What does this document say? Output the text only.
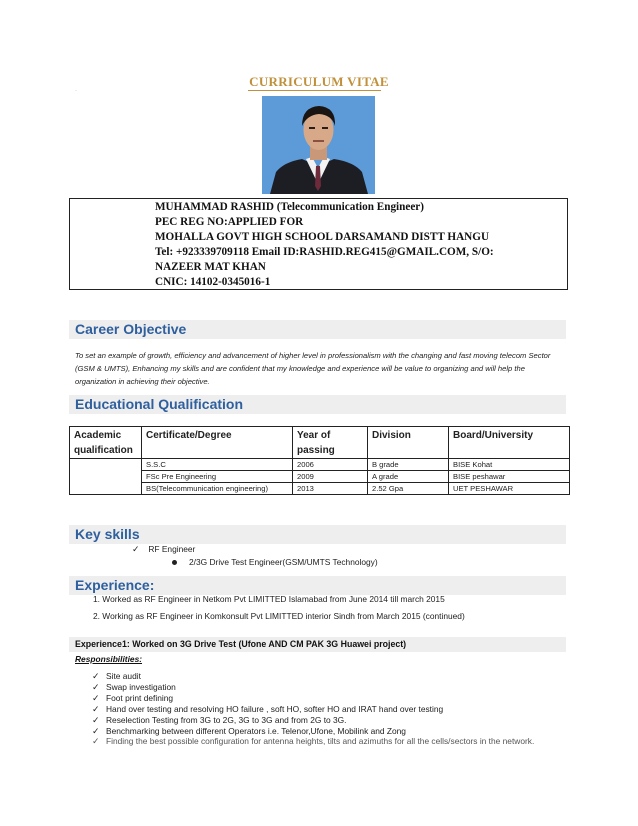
CURRICULUM VITAE
·
MUHAMMAD RASHID (Telecommunication Engineer)
PEC REG NO:APPLIED FOR
MOHALLA GOVT HIGH SCHOOL DARSAMAND DISTT HANGU
Tel: +923339709118 Email ID:RASHID.REG415@GMAIL.COM, S/O:
NAZEER MAT KHAN
CNIC: 14102-0345016-1
Career Objective
To set an example of growth, efficiency and advancement of higher level in professionalism with the changing and fast moving telecom Sector (GSM & UMTS), Enhancing my skills and are confident that my knowledge and experience will be value to organizing and will help the organization in achieving their objective.
Educational Qualification
Academic qualification	Certificate/Degree	Year of passing	Division	Board/University
	S.S.C	2006	B grade	BISE Kohat
	FSc Pre Engineering	2009	A grade	BISE peshawar
	BS(Telecommunication engineering)	2013	2.52 Gpa	UET PESHAWAR
Key skills
✓ RF Engineer
2/3G Drive Test Engineer(GSM/UMTS Technology)
Experience:
1. Worked as RF Engineer in Netkom Pvt LIMITTED Islamabad from June 2014 till march 2015
2. Working as RF Engineer in Komkonsult Pvt LIMITTED interior Sindh from March 2015 (continued)
Experience1: Worked on 3G Drive Test (Ufone AND CM PAK 3G Huawei project)
Responsibilities:
✓ Site audit
✓ Swap investigation
✓ Foot print defining
✓ Hand over testing and resolving HO failure , soft HO, softer HO and IRAT hand over testing
✓ Reselection Testing from 3G to 2G, 3G to 3G and from 2G to 3G.
✓ Benchmarking between different Operators i.e. Telenor,Ufone, Mobilink and Zong
✓ Finding the best possible configuration for antenna heights, tilts and azimuths for all the cells/sectors in the network.
